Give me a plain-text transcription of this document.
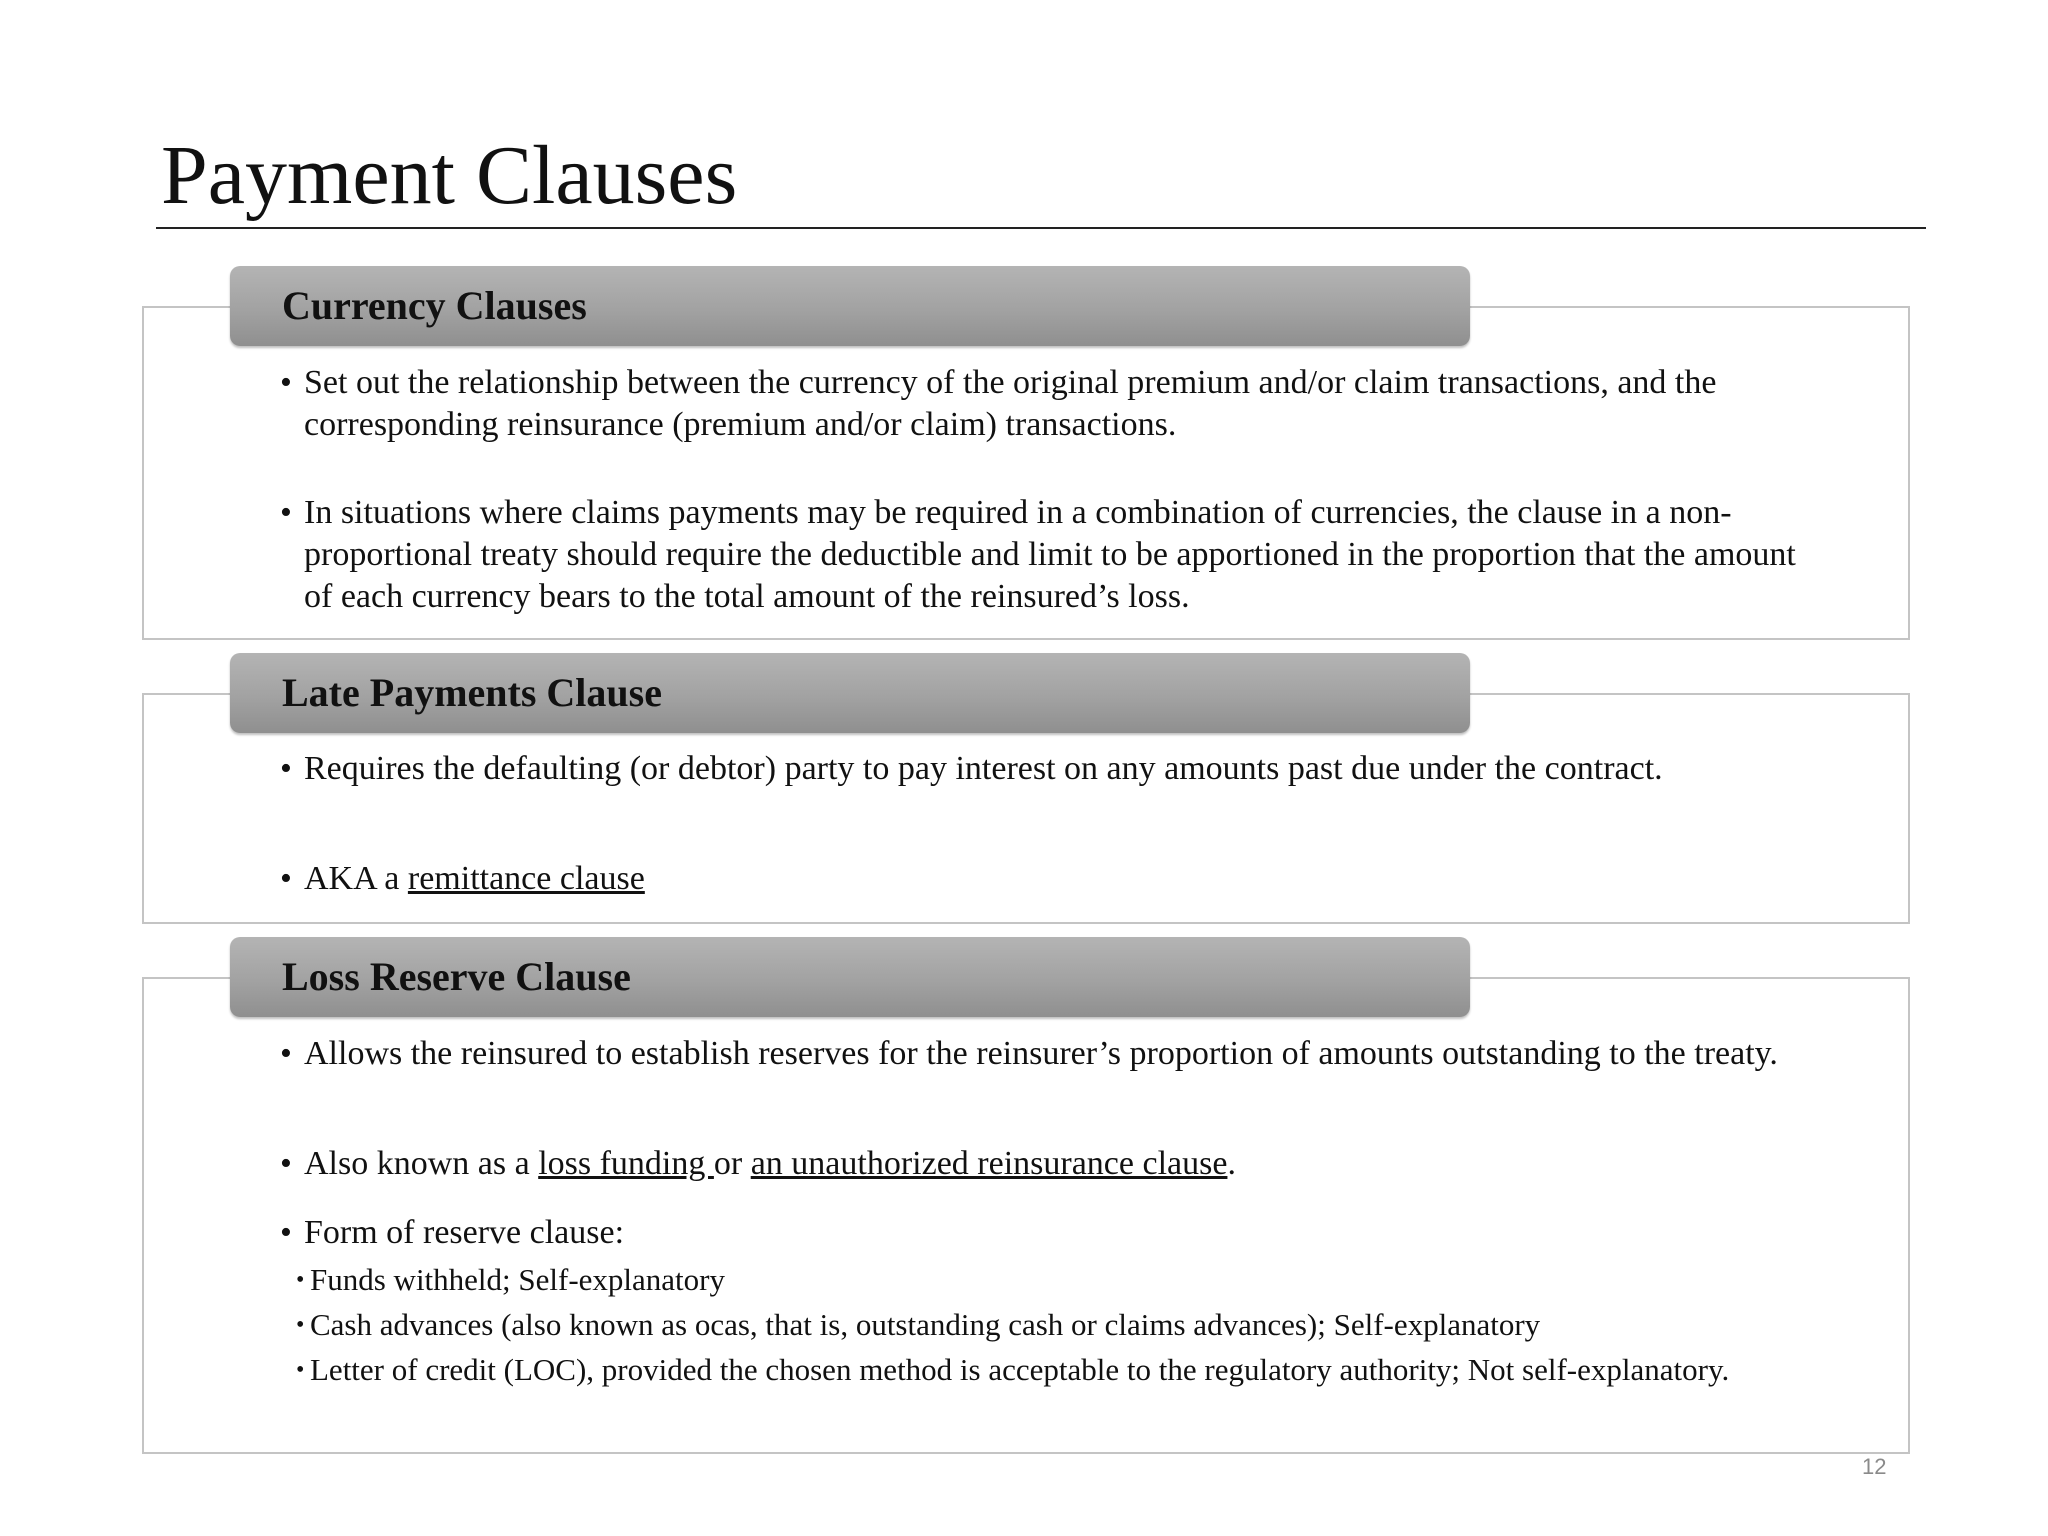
Payment Clauses
Currency Clauses
• Set out the relationship between the currency of the original premium and/or claim transactions, and the corresponding reinsurance (premium and/or claim) transactions.
• In situations where claims payments may be required in a combination of currencies, the clause in a non-proportional treaty should require the deductible and limit to be apportioned in the proportion that the amount of each currency bears to the total amount of the reinsured’s loss.
Late Payments Clause
• Requires the defaulting (or debtor) party to pay interest on any amounts past due under the contract.
• AKA a remittance clause
Loss Reserve Clause
• Allows the reinsured to establish reserves for the reinsurer’s proportion of amounts outstanding to the treaty.
• Also known as a loss funding or an unauthorized reinsurance clause.
• Form of reserve clause:
• Funds withheld; Self-explanatory
• Cash advances (also known as ocas, that is, outstanding cash or claims advances); Self-explanatory
• Letter of credit (LOC), provided the chosen method is acceptable to the regulatory authority; Not self-explanatory.
12
